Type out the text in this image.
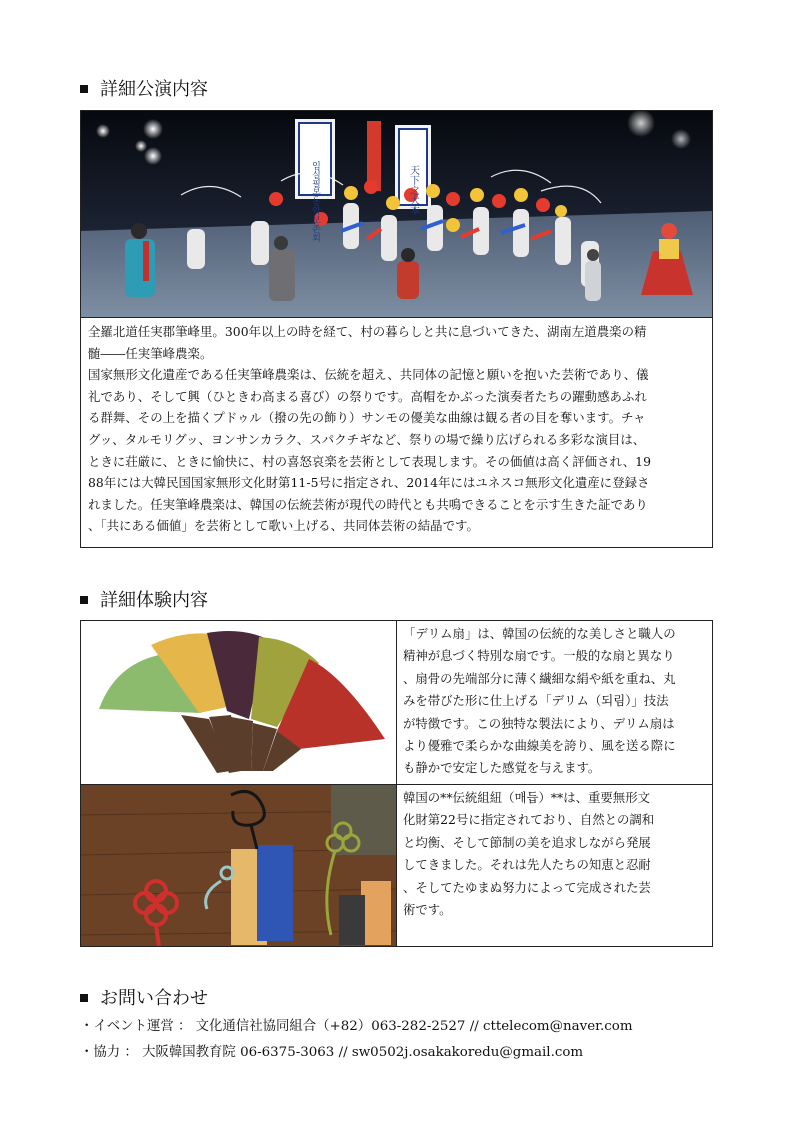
詳細公演内容
임실필봉농악보존회	天下之大本

全羅北道任実郡筆峰里。300年以上の時を経て、村の暮らしと共に息づいてきた、湖南左道農楽の精

髄――任実筆峰農楽。

国家無形文化遺産である任実筆峰農楽は、伝統を超え、共同体の記憶と願いを抱いた芸術であり、儀

礼であり、そして興（ひときわ高まる喜び）の祭りです。高帽をかぶった演奏者たちの躍動感あふれ

る群舞、その上を描くプドゥル（撥の先の飾り）サンモの優美な曲線は観る者の目を奪います。チャ

グッ、タルモリグッ、ヨンサンカラク、スパクチギなど、祭りの場で繰り広げられる多彩な演目は、

ときに荘厳に、ときに愉快に、村の喜怒哀楽を芸術として表現します。その価値は高く評価され、19

88年には大韓民国国家無形文化財第11-5号に指定され、2014年にはユネスコ無形文化遺産に登録さ

れました。任実筆峰農楽は、韓国の伝統芸術が現代の時代とも共鳴できることを示す生きた証であり

、「共にある価値」を芸術として歌い上げる、共同体芸術の結晶です。

詳細体験内容
「デリム扇」は、韓国の伝統的な美しさと職人の
精神が息づく特別な扇です。一般的な扇と異なり
、扇骨の先端部分に薄く繊細な絹や紙を重ね、丸
みを帯びた形に仕上げる「デリム（되림）」技法
が特徴です。この独特な製法により、デリム扇は
より優雅で柔らかな曲線美を誇り、風を送る際に
も静かで安定した感覚を与えます。
韓国の**伝統組紐（매듭）**は、重要無形文
化財第22号に指定されており、自然との調和
と均衡、そして節制の美を追求しながら発展
してきました。それは先人たちの知恵と忍耐
、そしてたゆまぬ努力によって完成された芸
術です。
お問い合わせ
・イベント運営 ： 文化通信社協同組合（+82）063-282-2527 // cttelecom@naver.com
・協力 ： 大阪韓国教育院 06-6375-3063 // sw0502j.osakakoredu@gmail.com
